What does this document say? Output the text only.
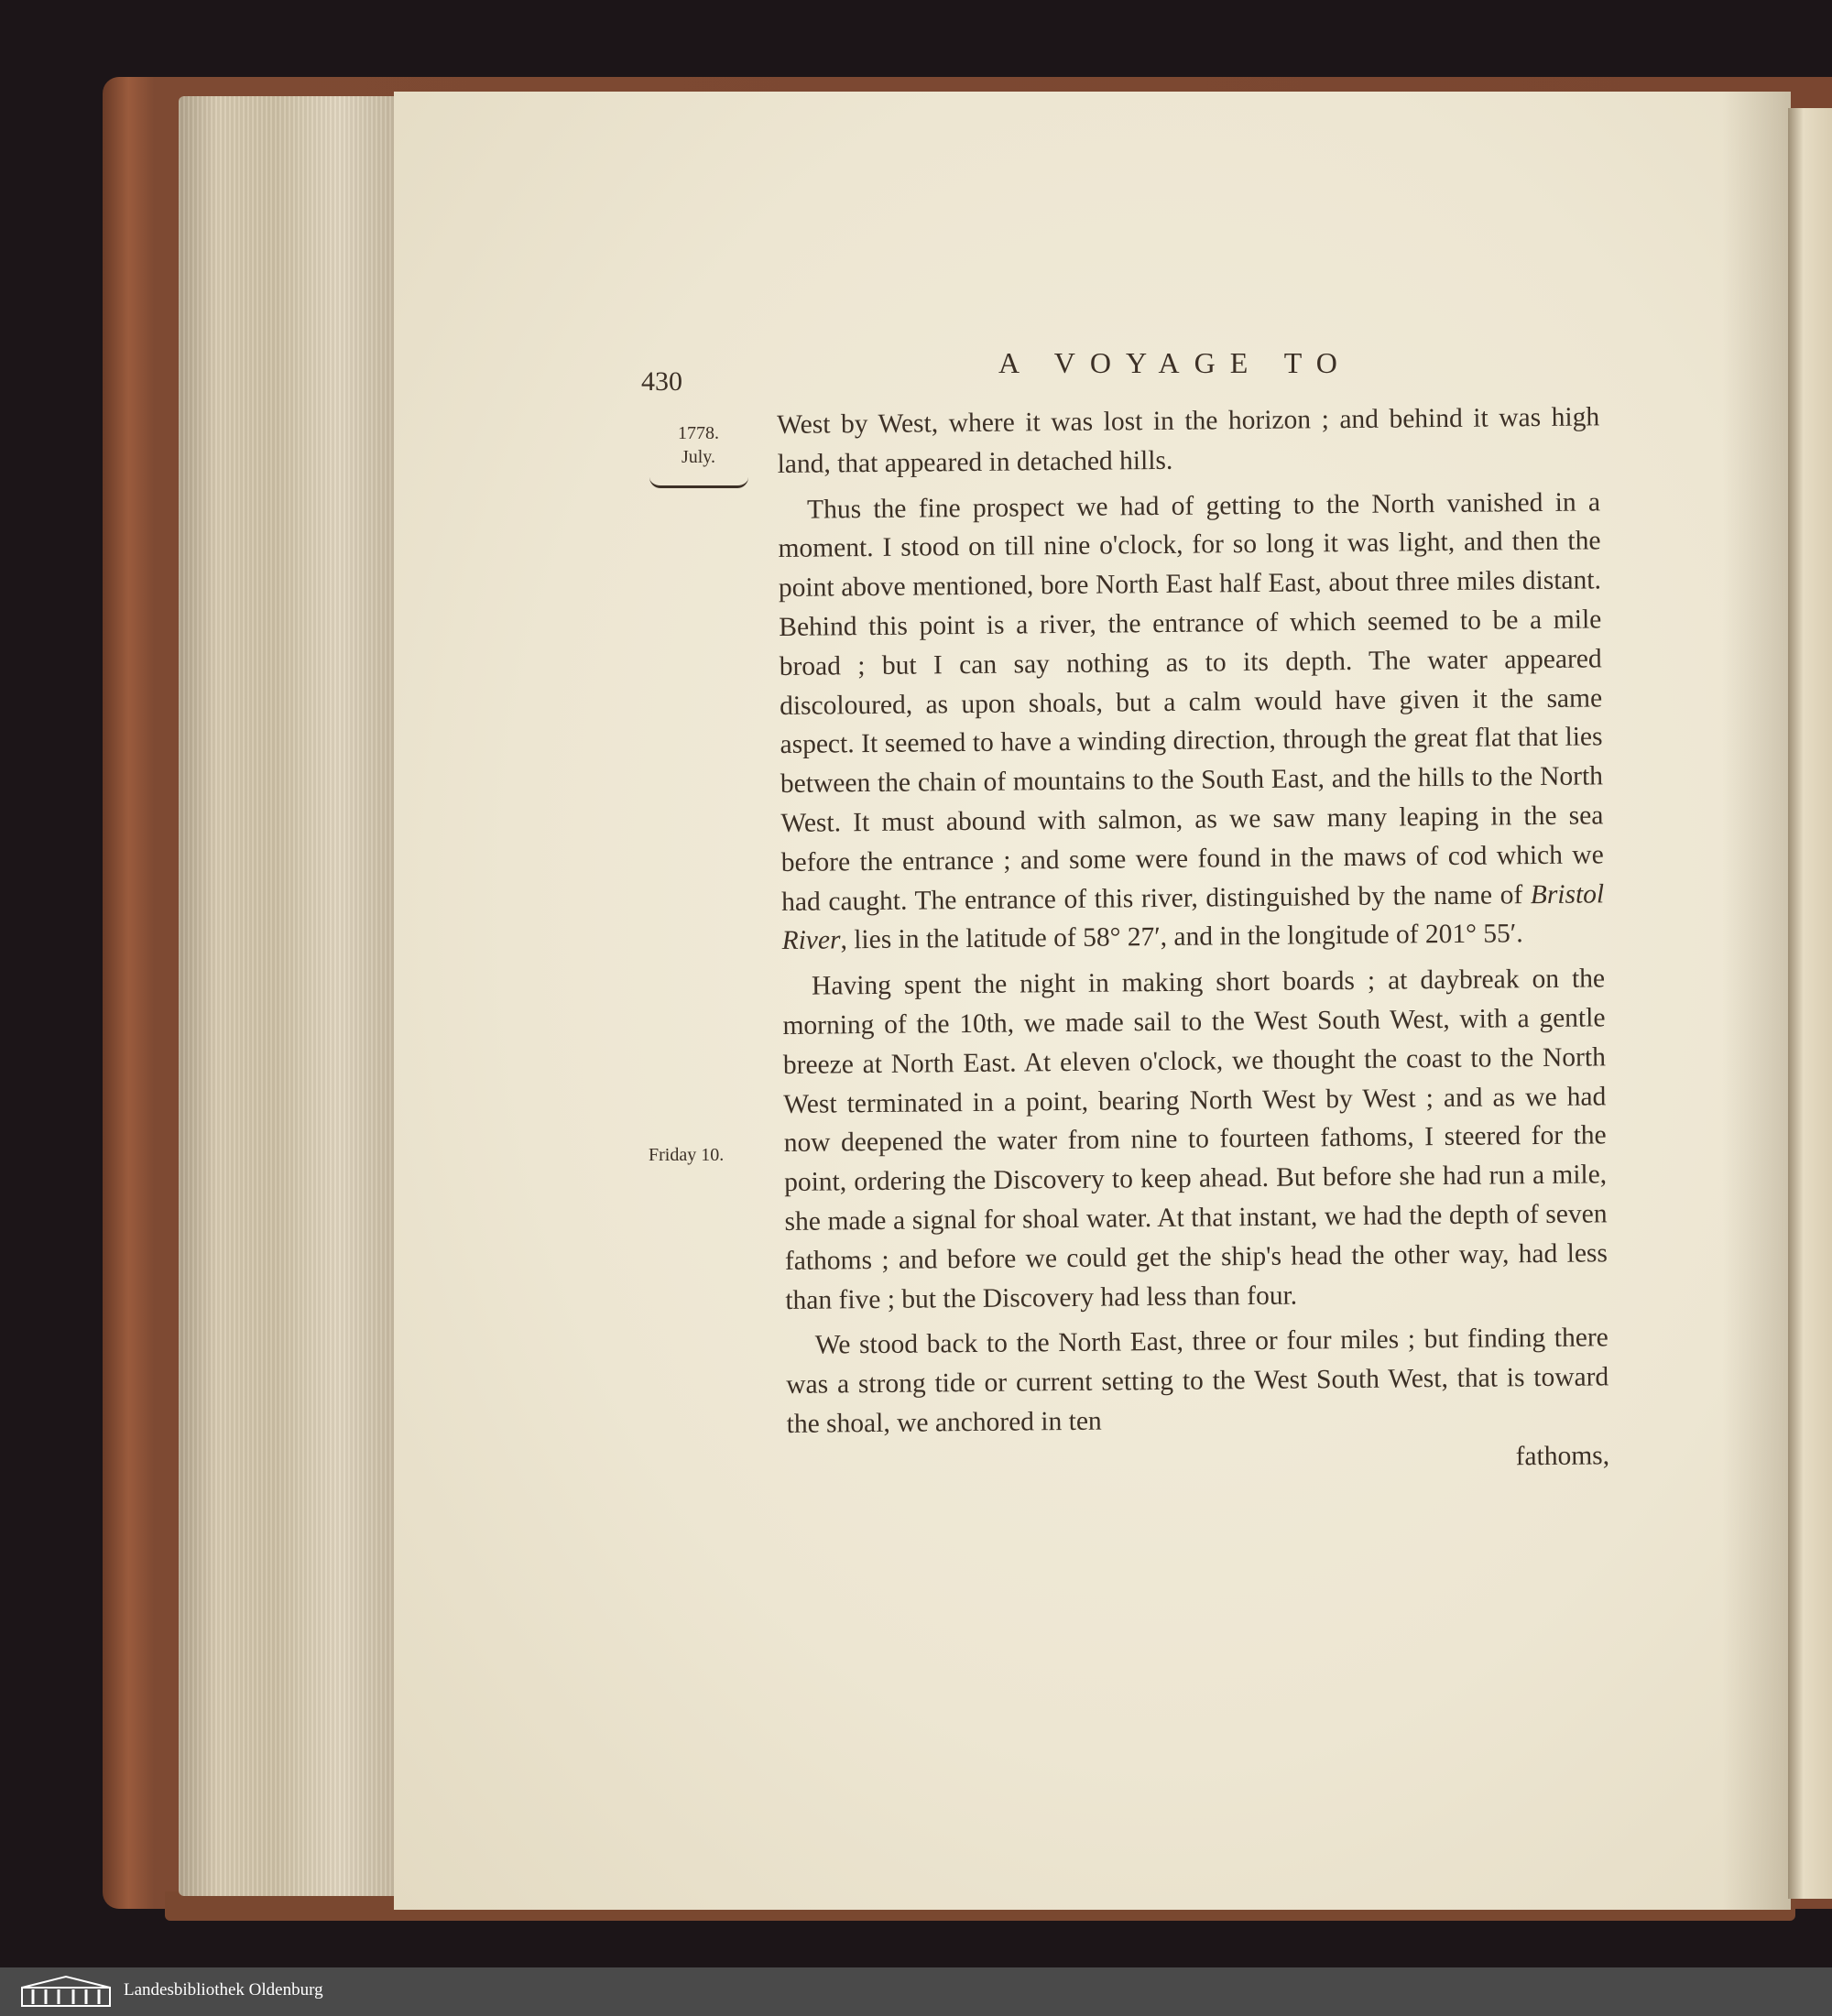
430
A VOYAGE TO
1778.
July.
Friday 10.

West by West, where it was lost in the horizon ; and behind it was high land, that appeared in detached hills.

Thus the fine prospect we had of getting to the North vanished in a moment. I stood on till nine o'clock, for so long it was light, and then the point above mentioned, bore North East half East, about three miles distant. Behind this point is a river, the entrance of which seemed to be a mile broad ; but I can say nothing as to its depth. The water appeared discoloured, as upon shoals, but a calm would have given it the same aspect. It seemed to have a winding direction, through the great flat that lies between the chain of mountains to the South East, and the hills to the North West. It must abound with salmon, as we saw many leaping in the sea before the entrance ; and some were found in the maws of cod which we had caught. The entrance of this river, distinguished by the name of Bristol River, lies in the latitude of 58° 27′, and in the longitude of 201° 55′.

Having spent the night in making short boards ; at daybreak on the morning of the 10th, we made sail to the West South West, with a gentle breeze at North East. At eleven o'clock, we thought the coast to the North West terminated in a point, bearing North West by West ; and as we had now deepened the water from nine to fourteen fathoms, I steered for the point, ordering the Discovery to keep ahead. But before she had run a mile, she made a signal for shoal water. At that instant, we had the depth of seven fathoms ; and before we could get the ship's head the other way, had less than five ; but the Discovery had less than four.

We stood back to the North East, three or four miles ; but finding there was a strong tide or current setting to the West South West, that is toward the shoal, we anchored in ten
fathoms,

Landesbibliothek Oldenburg
